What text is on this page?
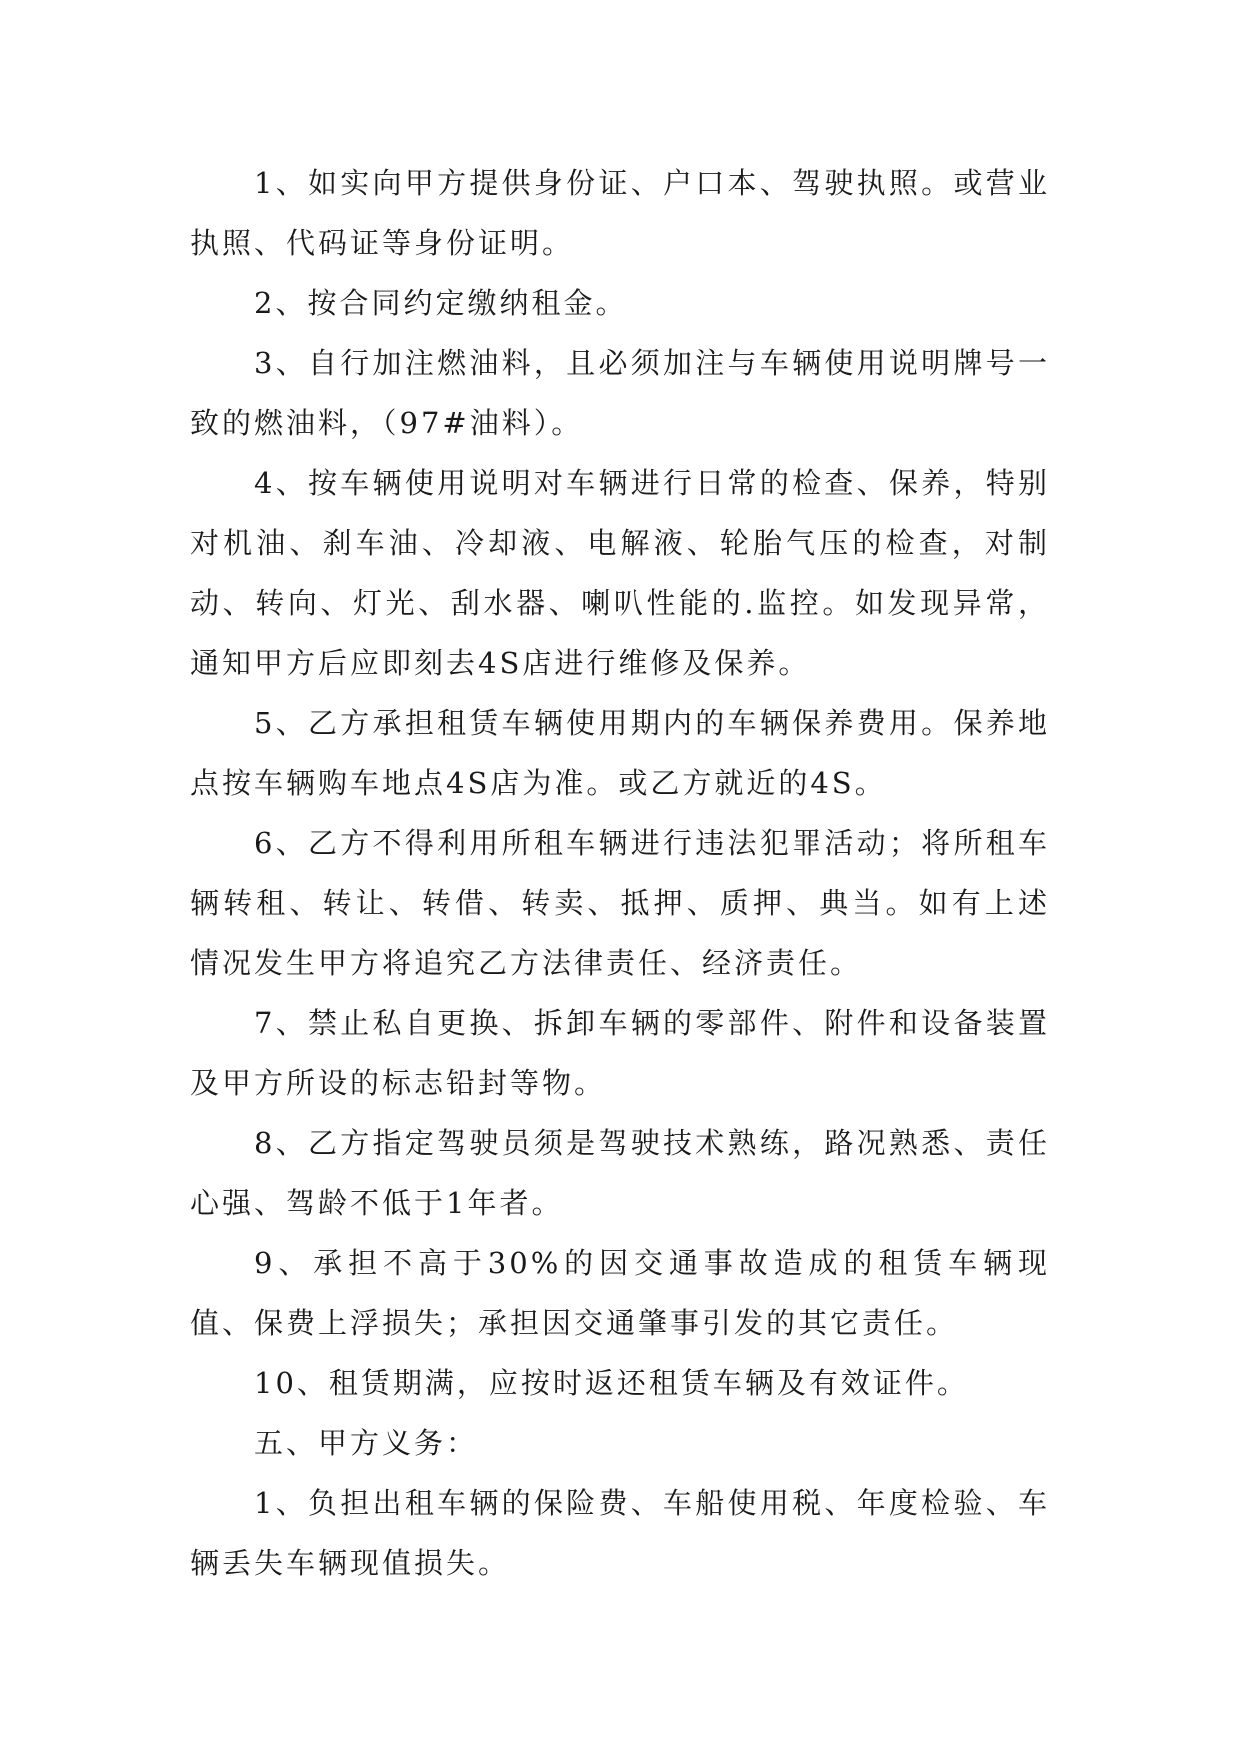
1、如实向甲方提供身份证、户口本、驾驶执照。或营业执照、代码证等身份证明。

2、按合同约定缴纳租金。

3、自行加注燃油料，且必须加注与车辆使用说明牌号一致的燃油料，（97#油料）。

4、按车辆使用说明对车辆进行日常的检查、保养，特别对机油、刹车油、冷却液、电解液、轮胎气压的检查，对制动、转向、灯光、刮水器、喇叭性能的.监控。如发现异常，通知甲方后应即刻去4S店进行维修及保养。

5、乙方承担租赁车辆使用期内的车辆保养费用。保养地点按车辆购车地点4S店为准。或乙方就近的4S。

6、乙方不得利用所租车辆进行违法犯罪活动；将所租车辆转租、转让、转借、转卖、抵押、质押、典当。如有上述情况发生甲方将追究乙方法律责任、经济责任。

7、禁止私自更换、拆卸车辆的零部件、附件和设备装置及甲方所设的标志铅封等物。

8、乙方指定驾驶员须是驾驶技术熟练，路况熟悉、责任心强、驾龄不低于1年者。

9、承担不高于30%的因交通事故造成的租赁车辆现值、保费上浮损失；承担因交通肇事引发的其它责任。

10、租赁期满，应按时返还租赁车辆及有效证件。

五、甲方义务：

1、负担出租车辆的保险费、车船使用税、年度检验、车辆丢失车辆现值损失。
